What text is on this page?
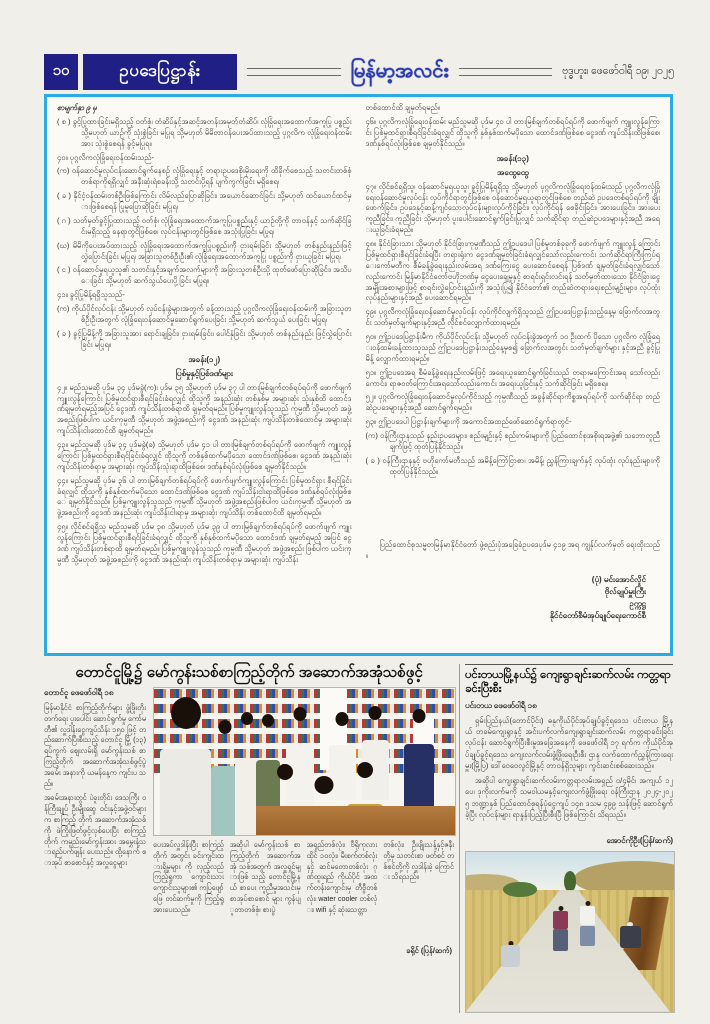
၁၀	ဥပဒေပြဋ္ဌာန်း	မြန်မာ့အလင်း	ဗုဒ္ဓဟူး၊ ဖေဖော်ဝါရီ ၁၉၊ ၂၀၂၅

စာမျက်နှာ ၉ မှ

( စ ) ခွင့်ပြုထားခြင်းမရှိသည့် ဝတ်စုံ၊ တံဆိပ်နှင့်အဆင့်အတန်းအမှတ်တံဆိပ်၊ လုံခြုံရေးအထောက်အကူပြု ပစ္စည်း သို့မဟုတ် ယာဉ်ကို သုံးစွဲခြင်း မပြုရ သို့မဟုတ် မိမိတာဝန်ပေးအပ်ထားသည့် ပုဂ္ဂလိက လုံခြုံရေးဝန်ထမ်းအား သုံးစွဲစေရန် ခွင့်မပြုရ။

၄၀။ ပုဂ္ဂလိကလုံခြုံရေးဝန်ထမ်းသည်-

(က) ဝန်ဆောင်မှုလုပ်ငန်းဆောင်ရွက်နေစဉ် လုံခြုံရေးနှင့် တရားဥပဒေစိုးမိုးရေးကို ထိခိုက်စေသည့် သတင်းတစ်စုံတစ်ရာကိုရရှိလျှင် အနီးဆုံးရဲစခန်းသို့ သတင်းပို့ရန် ပျက်ကွက်ခြင်း မရှိစေရ၊

( ခ ) နိုင်ငံ့ဝန်ထမ်းတစ်ဦးဖြစ်ကြောင်း လိမ်လည်ပြောဆိုခြင်း၊ အယောင်ဆောင်ခြင်း သို့မဟုတ် ထင်ယောင်ထင်မှားဖြစ်စေရန် ပြုမူပြောဆိုခြင်း မပြုရ၊

( ဂ ) သတ်မှတ်ခွင့်ပြုထားသည့် ဝတ်စုံ၊ လုံခြုံရေးအထောက်အကူပြုပစ္စည်းနှင့် ယာဉ်တို့ကို တာဝန်နှင့် သက်ဆိုင်ခြင်းမရှိသည့် နေရာတွင်ဖြစ်စေ၊ လုပ်ငန်းများတွင်ဖြစ်စေ အသုံးပြုခြင်း မပြုရ၊

(ဃ) မိမိကိုပေးအပ်ထားသည့် လုံခြုံရေးအထောက်အကူပြုပစ္စည်းကို ငှားရမ်းခြင်း သို့မဟုတ် တစ်နည်းနည်းဖြင့်လွှဲပြောင်းခြင်း မပြုရ၊ အခြားသူတစ်ဦးဦး၏ လုံခြုံရေးအထောက်အကူပြု ပစ္စည်းကို ငှားယူခြင်း မပြုရ၊

( င ) ဝန်ဆောင်မှုရယူသူ၏ သတင်းနှင့်အချက်အလက်များကို အခြားသူတစ်ဦးသို့ ထုတ်ဖော်ပြောဆိုခြင်း၊ အသိပေးခြင်း သို့မဟုတ် ဆက်သွယ်ပေးပို့ခြင်း မပြုရ။

၄၁။ ခွင့်ပြုမိန့်ရရှိသူသည်-

(က) ကိုယ်ပိုင်လုပ်ငန်း သို့မဟုတ် လုပ်ငန်းခွဲများအတွက် ခန့်ထားသည့် ပုဂ္ဂလိကလုံခြုံရေးဝန်ထမ်းကို အခြားသူတစ်ဦးဦးအတွက် လုံခြုံရေးဝန်ဆောင်မှုဆောင်ရွက်ပေးခြင်း သို့မဟုတ် ဆက်သွယ် ပေးခြင်း မပြုရ၊

( ခ ) ခွင့်ပြုမိန့်ကို အခြားသူအား ရောင်းချခြင်း၊ ငှားရမ်းခြင်း၊ ပေါင်နှံခြင်း သို့မဟုတ် တစ်နည်းနည်း ဖြင့်လွှဲပြောင်းခြင်း မပြုရ။

အခန်း(၁၂)

ပြစ်မှုနှင့်ပြစ်ဒဏ်များ

၄၂။ မည်သူမဆို ပုဒ်မ ၃၄ ပုဒ်မခွဲ(က)၊ ပုဒ်မ ၃၅ သို့မဟုတ် ပုဒ်မ ၃၇ ပါ တားမြစ်ချက်တစ်ရပ်ရပ်ကို ဖောက်ဖျက်ကျူးလွန်ကြောင်း ပြစ်မှုထင်ရှားစီရင်ခြင်းခံရလျှင် ထိုသူကို အနည်းဆုံး တစ်နှစ်မှ အများဆုံး သုံးနှစ်ထိ ထောင်ဒဏ်ချမှတ်ရမည့်အပြင် ငွေဒဏ် ကျပ်သိန်းတစ်ရာထိ ချမှတ်ရမည်။ ပြစ်မှုကျူးလွန်သူသည် ကုမ္ပဏီ သို့မဟုတ် အဖွဲ့အစည်းဖြစ်ပါက ယင်းကုမ္ပဏီ သို့မဟုတ် အဖွဲ့အစည်းကို ငွေဒဏ် အနည်းဆုံး ကျပ်သိန်းတစ်ထောင်မှ အများဆုံး ကျပ်သိန်းငါးထောင်ထိ ချမှတ်ရမည်။

၄၃။ မည်သူမဆို ပုဒ်မ ၃၄ ပုဒ်မခွဲ(ခ) သို့မဟုတ် ပုဒ်မ ၄၁ ပါ တားမြစ်ချက်တစ်ရပ်ရပ်ကို ဖောက်ဖျက် ကျူးလွန်ကြောင်း ပြစ်မှုထင်ရှားစီရင်ခြင်းခံရလျှင် ထိုသူကို တစ်နှစ်ထက်မပိုသော ထောင်ဒဏ်ဖြစ်စေ၊ ငွေဒဏ် အနည်းဆုံး ကျပ်သိန်းတစ်ရာမှ အများဆုံး ကျပ်သိန်းသုံးရာထိဖြစ်စေ၊ ဒဏ်နှစ်ရပ်လုံးဖြစ်စေ ချမှတ်နိုင်သည်။

၄၄။ မည်သူမဆို ပုဒ်မ ၃၆ ပါ တားမြစ်ချက်တစ်ရပ်ရပ်ကို ဖောက်ဖျက်ကျူးလွန်ကြောင်း ပြစ်မှုထင်ရှား စီရင်ခြင်းခံရလျှင် ထိုသူကို နှစ်နှစ်ထက်မပိုသော ထောင်ဒဏ်ဖြစ်စေ ငွေဒဏ် ကျပ်သိန်းငါးရာထိဖြစ်စေ ဒဏ်နှစ်ရပ်လုံးဖြစ်စေ ချမှတ်နိုင်သည်။ ပြစ်မှုကျူးလွန်သူသည် ကုမ္ပဏီ သို့မဟုတ် အဖွဲ့အစည်းဖြစ်ပါက ယင်းကုမ္ပဏီ သို့မဟုတ် အဖွဲ့အစည်းကို ငွေဒဏ် အနည်းဆုံး ကျပ်သိန်းငါးရာမှ အများဆုံး ကျပ်သိန်း တစ်ထောင်ထိ ချမှတ်ရမည်။

၄၅။ လိုင်စင်ရရှိသူ မည်သူမဆို ပုဒ်မ ၃၈ သို့မဟုတ် ပုဒ်မ ၃၉ ပါ တားမြစ်ချက်တစ်ရပ်ရပ်ကို ဖောက်ဖျက် ကျူးလွန်ကြောင်း ပြစ်မှုထင်ရှားစီရင်ခြင်းခံရလျှင် ထိုသူကို နှစ်နှစ်ထက်မပိုသော ထောင်ဒဏ် ချမှတ်ရမည့် အပြင် ငွေဒဏ် ကျပ်သိန်းတစ်ရာထိ ချမှတ်ရမည်။ ပြစ်မှုကျူးလွန်သူသည် ကုမ္ပဏီ သို့မဟုတ် အဖွဲ့အစည်း ဖြစ်ပါက ယင်းကုမ္ပဏီ သို့မဟုတ် အဖွဲ့အစည်းကို ငွေဒဏ် အနည်းဆုံး ကျပ်သိန်းတစ်ရာမှ အများဆုံး ကျပ်သိန်း

တစ်ထောင်ထိ ချမှတ်ရမည်။

၄၆။ ပုဂ္ဂလိကလုံခြုံရေးဝန်ထမ်း မည်သူမဆို ပုဒ်မ ၄၀ ပါ တားမြစ်ချက်တစ်ရပ်ရပ်ကို ဖောက်ဖျက် ကျူးလွန်ကြောင်း ပြစ်မှုထင်ရှားစီရင်ခြင်းခံရလျှင် ထိုသူကို နှစ်နှစ်ထက်မပိုသော ထောင်ဒဏ်ဖြစ်စေ ငွေဒဏ် ကျပ်သိန်းထိဖြစ်စေ၊ ဒဏ်နှစ်ရပ်လုံးဖြစ်စေ ချမှတ်နိုင်သည်။

အခန်း(၁၃)

အထွေထွေ

၄၇။ လိုင်စင်ရရှိသူ၊ ဝန်ဆောင်မှုရယူသူ၊ ခွင့်ပြုမိန့်ရရှိသူ သို့မဟုတ် ပုဂ္ဂလိကလုံခြုံရေးဝန်ထမ်းသည် ပုဂ္ဂလိကလုံခြုံရေးဝန်ဆောင်မှုလုပ်ငန်း လုပ်ကိုင်ရာတွင်ဖြစ်စေ ဝန်ဆောင်မှုရယူရာတွင်ဖြစ်စေ တည်ဆဲ ဥပဒေတစ်ရပ်ရပ်ကို ချိုးဖောက်ခြင်း၊ ဥပဒေနှင့်ဆန့်ကျင်သောလုပ်ငန်းများလုပ်ကိုင်ခြင်း၊ လုပ်ကိုင်ရန် စေခိုင်းခြင်း၊ အားပေးခြင်း၊ အားပေးကူညီခြင်း၊ ကူညီခြင်း သို့မဟုတ် ပူးပေါင်းဆောင်ရွက်ခြင်းပြုလျှင် သက်ဆိုင်ရာ တည်ဆဲဥပဒေများနှင့်အညီ အရေးယူခြင်းခံရမည်။

၄၈။ နိုင်ငံခြားသား သို့မဟုတ် နိုင်ငံခြားကုမ္ပဏီသည် ဤဥပဒေပါ ပြစ်မှုတစ်ခုခုကို ဖောက်ဖျက် ကျူးလွန် ကြောင်း ပြစ်မှုထင်ရှားစီရင်ခြင်းခံရပြီး တရားရုံးက ငွေဒဏ်ချမှတ်ခြင်းခံရလျှင်သော်လည်းကောင်း သက်ဆိုင်ရာကြီးကြပ်ရေးကော်မတီက စီမံခန့်ခွဲရေးနည်းလမ်းအရ ဒဏ်ကြေးငွေ ပေးဆောင်စေရန် ပြစ်ဒဏ် ချမှတ်ခြင်းခံရလျှင်သော်လည်းကောင်း မြန်မာနိုင်ငံတော်ဗဟိုဘဏ်မှ ငွေပေးချေမှုနှင့် စာရင်းရှင်းလင်းရန် သတ်မှတ်ထားသော နိုင်ငံခြားငွေအမျိုးအစားများဖြင့် စာရင်းလွှဲပြောင်းနည်းကို အသုံးပြု၍ နိုင်ငံတော်၏ တည်ဆဲတရားရေးစည်းမျဉ်းများ၊ လုပ်ထုံးလုပ်နည်းများနှင့်အညီ ပေးဆောင်ရမည်။

၄၉။ ပုဂ္ဂလိကလုံခြုံရေးဝန်ဆောင်မှုလုပ်ငန်း လုပ်ကိုင်လျက်ရှိသူသည် ဤဥပဒေပြဋ္ဌာန်းသည့်နေ့မှ ခြောက်လအတွင်း သတ်မှတ်ချက်များနှင့်အညီ လိုင်စင်လျှောက်ထားရမည်။

၅၀။ ဤဥပဒေပြဋ္ဌာန်းမီက ကိုယ်ပိုင်လုပ်ငန်း သို့မဟုတ် လုပ်ငန်းခွဲအတွက် ၁၀ ဦးထက် ပိုသော ပုဂ္ဂလိက လုံခြုံရေးဝန်ထမ်းခန့်ထားသူသည် ဤဥပဒေပြဋ္ဌာန်းသည့်နေ့မှစ၍ ခြောက်လအတွင်း သတ်မှတ်ချက်များ နှင့်အညီ ခွင့်ပြုမိန့် လျှောက်ထားရမည်။

၅၁။ ဤဥပဒေအရ စီမံခန့်ခွဲရေးနည်းလမ်းဖြင့် အရေးယူဆောင်ရွက်ခြင်းသည် တရားမကြောင်းအရ သော်လည်းကောင်း၊ ရာဇဝတ်ကြောင်းအရသော်လည်းကောင်း အရေးယူခြင်းနှင့် သက်ဆိုင်ခြင်း မရှိစေရ။

၅၂။ ပုဂ္ဂလိကလုံခြုံရေးဝန်ဆောင်မှုလုပ်ကိုင်သည့် ကုမ္ပဏီသည် အခွန်ဆိုင်ရာကိစ္စအရပ်ရပ်ကို သက်ဆိုင်ရာ တည်ဆဲဥပဒေများနှင့်အညီ ဆောင်ရွက်ရမည်။

၅၃။ ဤဥပဒေပါ ပြဋ္ဌာန်းချက်များကို အကောင်အထည်ဖော်ဆောင်ရွက်ရာတွင်-

(က) ဝန်ကြီးဌာနသည် နည်းဥပဒေများ၊ စည်းမျဉ်းနှင့် စည်းကမ်းများကို ပြည်ထောင်စုအစိုးရအဖွဲ့၏ သဘောတူညီချက်ဖြင့် ထုတ်ပြန်နိုင်သည်။

( ခ ) ဝန်ကြီးဌာနနှင့် ဗဟိုကော်မတီသည် အမိန့်ကြော်ငြာစာ၊ အမိန့်၊ ညွှန်ကြားချက်နှင့် လုပ်ထုံး လုပ်နည်းများကို ထုတ်ပြန်နိုင်သည်။

ပြည်ထောင်စုသမ္မတမြန်မာနိုင်ငံတော် ဖွဲ့စည်းပုံအခြေခံဥပဒေပုဒ်မ ၄၁၉ အရ ကျွန်ုပ်လက်မှတ် ရေးထိုးသည်။
(ပုံ) မင်းအောင်လှိုင်
ဗိုလ်ချုပ်မှူးကြီး
ဥက္ကဋ္ဌ
နိုင်ငံတော်စီမံအုပ်ချုပ်ရေးကောင်စီ
တောင်ငူမြို့၌ မော်ကွန်းသစ်စာကြည့်တိုက် အဆောက်အအုံသစ်ဖွင့်

တောင်ငူ ဖေဖော်ဝါရီ ၁၈

မြန်မာနိုင်ငံ စာကြည့်တိုက်များ ဖွံ့ဖြိုးတိုးတက်ရေး ပူးပေါင်း ဆောင်ရွက်မှု ကော်မတီ၏ လှူဒါန်းငွေကျပ်သိန်း ၁၅၀ ဖြင့် တည်ဆောက်ပြီးစီးသည့် တောင်ငူ မြို့ (၁၃) ရပ်ကွက် ဈေးလမ်းရှိ မော်ကွန်းသစ် စာကြည့်တိုက် အဆောက်အအုံသစ်ဖွင့်ပွဲ အခမ်း အနားကို ယမန်နေ့က ကျင်းပ သည်။

အခမ်းအနားတွင် ပဲခူးတိုင်း ဒေသကြီး ဝန်ကြီးချုပ် ဦးမျိုးဆွေ ဝင်းနှင့်အဖွဲ့ဝင်များက စာကြည့် တိုက် အဆောက်အအုံသစ်ကို ဖဲကြိုးဖြတ်ဖွင့်လှစ်ပေးပြီး စာကြည့်တိုက် ကမ္ပည်းမော်ကွန်းအား အမွှေးနံ့သာရည်ပက်ဖျန်း ပေးသည်။ ထို့နောက် စာအုပ် စာစောင်နှင့် အလှူငွေများ

ပေးအပ်လှူဒါန်းပြီး စာကြည့်တိုက် အတွင်း ခင်းကျင်းထားရှိမှုများ ကို လှည့်လည်ကြည့်ရှုကာ ကျောင်းသား ကျောင်းသူများ၏ ကပြဖျော်ဖြေ တင်ဆက်မှုကို ကြည့်ရှုအားပေးသည်။

အဆိုပါ မော်ကွန်းသစ် စာကြည့်တိုက် အဆောက်အအုံ သစ်အတွက် အလှူရှင်များဖြစ် သည့် တောင်ငူမြို့နယ် စာပေး ကူညီမှုအသင်းမှ စာအုပ်စာစောင် များ ကွန်ပျူတာတစ်စုံ၊ စားပွဲ

အရှည်တစ်လုံး၊ ဗီရိုကုလားထိုင် ၁၀လုံး၊ မီးစက်တစ်လုံးနှင့် ဆင်မတောတစ်လုံး ဂုဏ်ထူးရည် ကိုယ်ပိုင် အထက်တန်းကျောင်းမှ တီဗွီတစ်လုံး၊ water cooler တစ်လုံး၊ wifi နှင့် ဆုံးသေတ္တာ

တစ်လုံး၊ ဦးဖျိုးသန့်နှင့်ဇနီးတို့မှ သတင်းစာ ဖတ်စင် တစ်စင်တို့ကို လှူဒါန်းခဲ့ ကြောင်း သိရသည်။

ခရိုင် (ပြန်/ဆက်)
ပင်းတယမြို့နယ်၌ ကျေးရွာချင်းဆက်လမ်း ကတ္တရာခင်းပြီးစီး

ပင်းတယ ဖေဖော်ဝါရီ ၁၈

ရှမ်းပြည်နယ်(တောင်ပိုင်း) ဓနုကိုယ်ပိုင်အုပ်ချုပ်ခွင့်ရဒေသ ပင်းတယ မြို့နယ် တခမ်ကျေးရွာနှင့် အင်းပက်လက်ကျေးရွာချင်းဆက်လမ်း ကတ္တရာခင်းခြင်းလုပ်ငန်း ဆောင်ရွက်ပြီးစီးမှုအခြေအနေကို ဖေဖော်ဝါရီ ၁၇ ရက်က ကိုယ်ပိုင်အုပ်ချုပ်ခွင့်ရဒေသ ကျေးလက်လမ်းဖွံ့ဖြိုးရေးဦးစီး ဌာန လက်ထောက်ညွှန်ကြားရေးမှူး(မြို့ပြ) ဒေါ်ဝေဝေလွင်မြို့နှင့် တာဝန်ရှိသူများ ကွင်းဆင်းစစ်ဆေးသည်။

အဆိုပါ ကျေးရွာချင်းဆက်လမ်းကတ္တရာလမ်းအရှည် ၀/၄မိုင်၊ အကျယ် ၁၂ ပေ၊ ဒုကိုးလက်မကို သမဝါယမနှင့်ကျေးလက်ဖွံ့ဖြိုးရေး ဝန်ကြီးဌာန ၂၀၂၄-၂၀၂၅ ဘဏ္ဍာနှစ် ပြည်ထောင်စုရန်ပုံငွေကျပ် ၁၄၈ ဒသမ ၄၉၉ သန်းဖြင့် ဆောင်ရွက်ခဲ့ပြီး လုပ်ငန်းများ ရာနှုန်းပြည့်ပြီးစီးပြီ ဖြစ်ကြောင်း သိရသည်။

အောင်ကိုဦး(ပြန်/ဆက်)
